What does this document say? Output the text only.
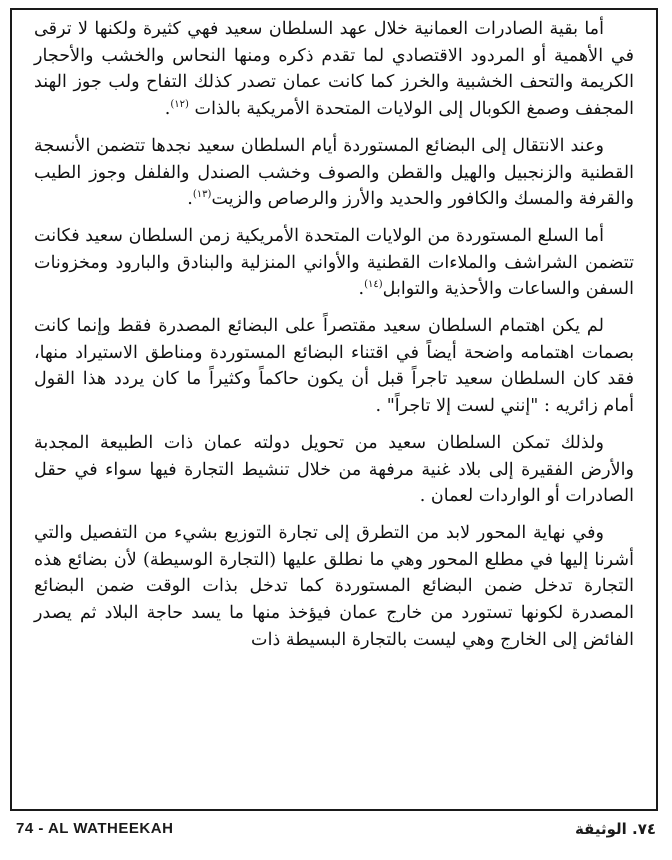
أما بقية الصادرات العمانية خلال عهد السلطان سعيد فهي كثيرة ولكنها لا ترقى في الأهمية أو المردود الاقتصادي لما تقدم ذكره ومنها النحاس والخشب والأحجار الكريمة والتحف الخشبية والخرز كما كانت عمان تصدر كذلك التفاح ولب جوز الهند المجفف وصمغ الكوبال إلى الولايات المتحدة الأمريكية بالذات $^{(١٢)}$.

وعند الانتقال إلى البضائع المستوردة أيام السلطان سعيد نجدها تتضمن الأنسجة القطنية والزنجبيل والهيل والقطن والصوف وخشب الصندل والفلفل وجوز الطيب والقرفة والمسك والكافور والحديد والأرز والرصاص والزيت$^{(١٣)}$.

أما السلع المستوردة من الولايات المتحدة الأمريكية زمن السلطان سعيد فكانت تتضمن الشراشف والملاءات القطنية والأواني المنزلية والبنادق والبارود ومخزونات السفن والساعات والأحذية والتوابل$^{(١٤)}$.

لم يكن اهتمام السلطان سعيد مقتصراً على البضائع المصدرة فقط وإنما كانت بصمات اهتمامه واضحة أيضاً في اقتناء البضائع المستوردة ومناطق الاستيراد منها، فقد كان السلطان سعيد تاجراً قبل أن يكون حاكماً وكثيراً ما كان يردد هذا القول أمام زائريه : "إنني لست إلا تاجراً" .

ولذلك تمكن السلطان سعيد من تحويل دولته عمان ذات الطبيعة المجدبة والأرض الفقيرة إلى بلاد غنية مرفهة من خلال تنشيط التجارة فيها سواء في حقل الصادرات أو الواردات لعمان .

وفي نهاية المحور لابد من التطرق إلى تجارة التوزيع بشيء من التفصيل والتي أشرنا إليها في مطلع المحور وهي ما نطلق عليها (التجارة الوسيطة) لأن بضائع هذه التجارة تدخل ضمن البضائع المستوردة كما تدخل بذات الوقت ضمن البضائع المصدرة لكونها تستورد من خارج عمان فيؤخذ منها ما يسد حاجة البلاد ثم يصدر الفائض إلى الخارج وهي ليست بالتجارة البسيطة ذات

74 - AL WATHEEKAH	٧٤. الوثيقة
